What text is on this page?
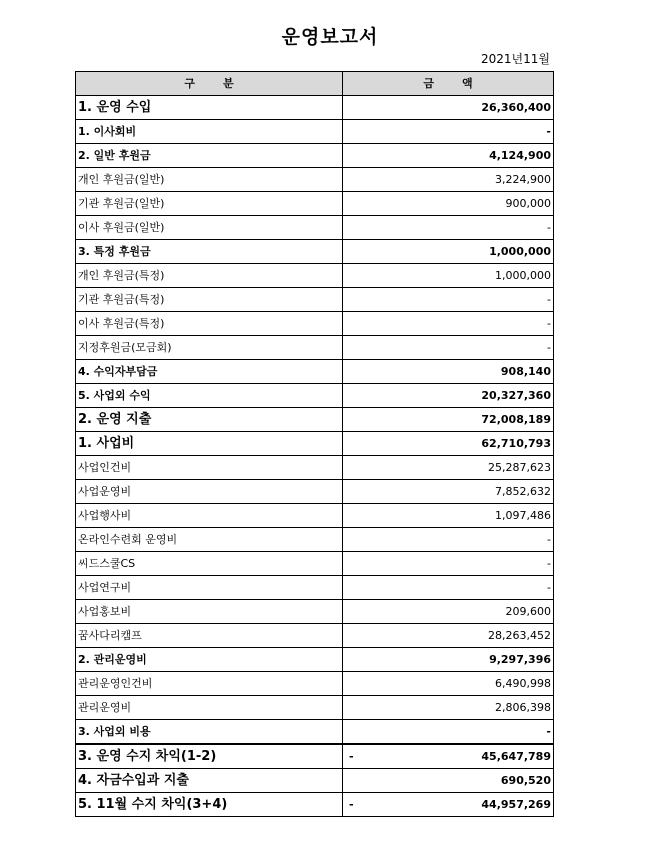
운영보고서
2021년11월
구분	금액
1. 운영 수입	26,360,400
1. 이사회비	-
2. 일반 후원금	4,124,900
개인 후원금(일반)	3,224,900
기관 후원금(일반)	900,000
이사 후원금(일반)	-
3. 특정 후원금	1,000,000
개인 후원금(특정)	1,000,000
기관 후원금(특정)	-
이사 후원금(특정)	-
지정후원금(모금회)	-
4. 수익자부담금	908,140
5. 사업외 수익	20,327,360
2. 운영 지출	72,008,189
1. 사업비	62,710,793
사업인건비	25,287,623
사업운영비	7,852,632
사업행사비	1,097,486
온라인수련회 운영비	-
씨드스쿨CS	-
사업연구비	-
사업홍보비	209,600
꿈사다리캠프	28,263,452
2. 관리운영비	9,297,396
관리운영인건비	6,490,998
관리운영비	2,806,398
3. 사업외 비용	-
3. 운영 수지 차익(1-2)	- 45,647,789
4. 자금수입과 지출	690,520
5. 11월 수지 차익(3+4)	- 44,957,269
